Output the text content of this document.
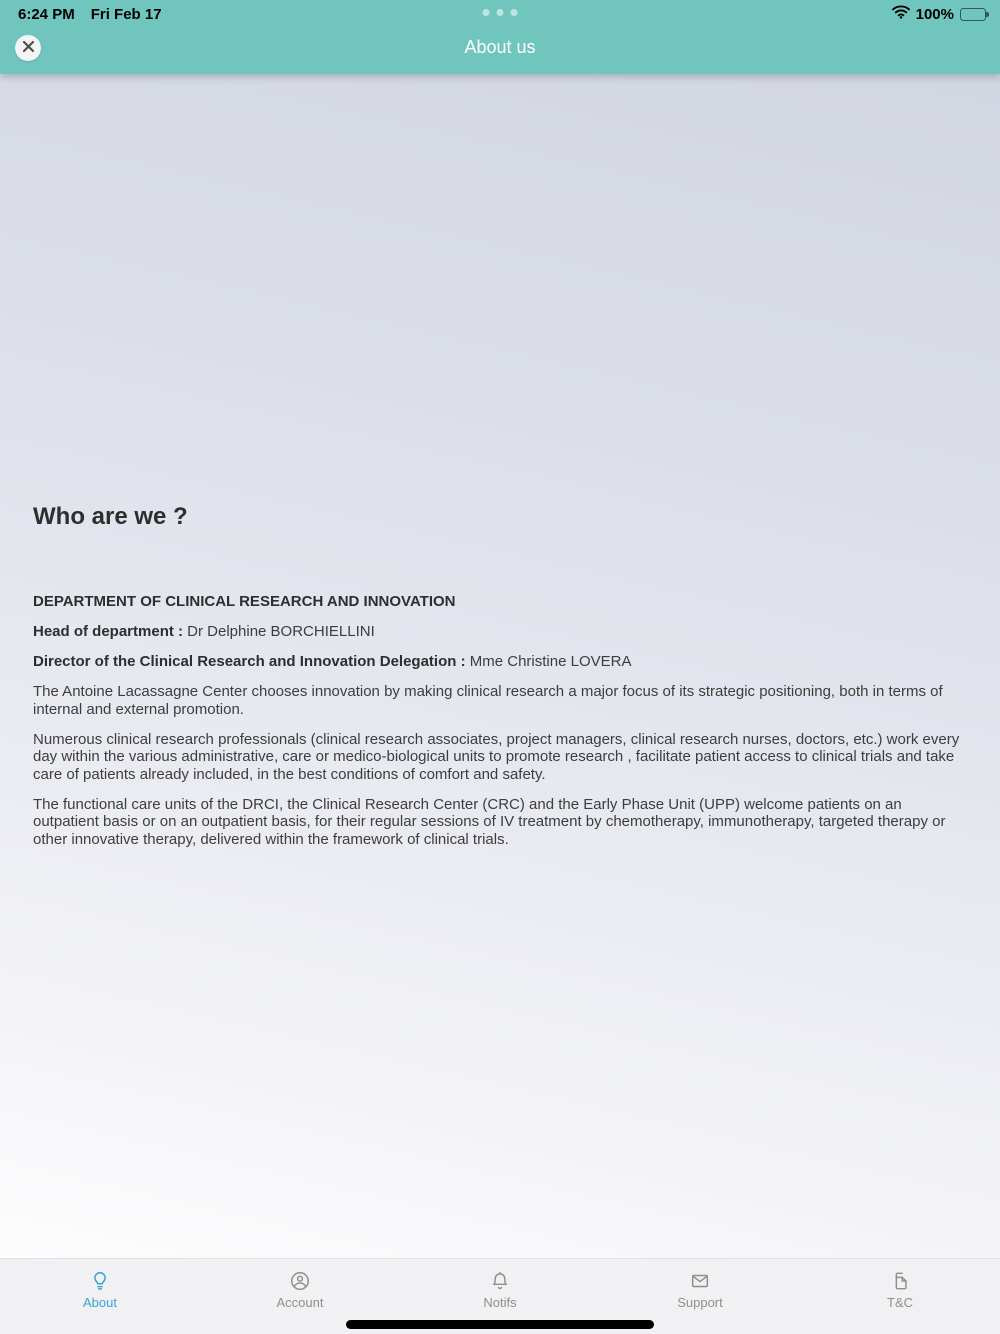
6:24 PM Fri Feb 17	100%
About us
Who are we ?

DEPARTMENT OF CLINICAL RESEARCH AND INNOVATION

Head of department : Dr Delphine BORCHIELLINI

Director of the Clinical Research and Innovation Delegation : Mme Christine LOVERA

The Antoine Lacassagne Center chooses innovation by making clinical research a major focus of its strategic positioning, both in terms of internal and external promotion.

Numerous clinical research professionals (clinical research associates, project managers, clinical research nurses, doctors, etc.) work every day within the various administrative, care or medico-biological units to promote research , facilitate patient access to clinical trials and take care of patients already included, in the best conditions of comfort and safety.

The functional care units of the DRCI, the Clinical Research Center (CRC) and the Early Phase Unit (UPP) welcome patients on an outpatient basis or on an outpatient basis, for their regular sessions of IV treatment by chemotherapy, immunotherapy, targeted therapy or other innovative therapy, delivered within the framework of clinical trials.

About	Account	Notifs	Support	T&C
